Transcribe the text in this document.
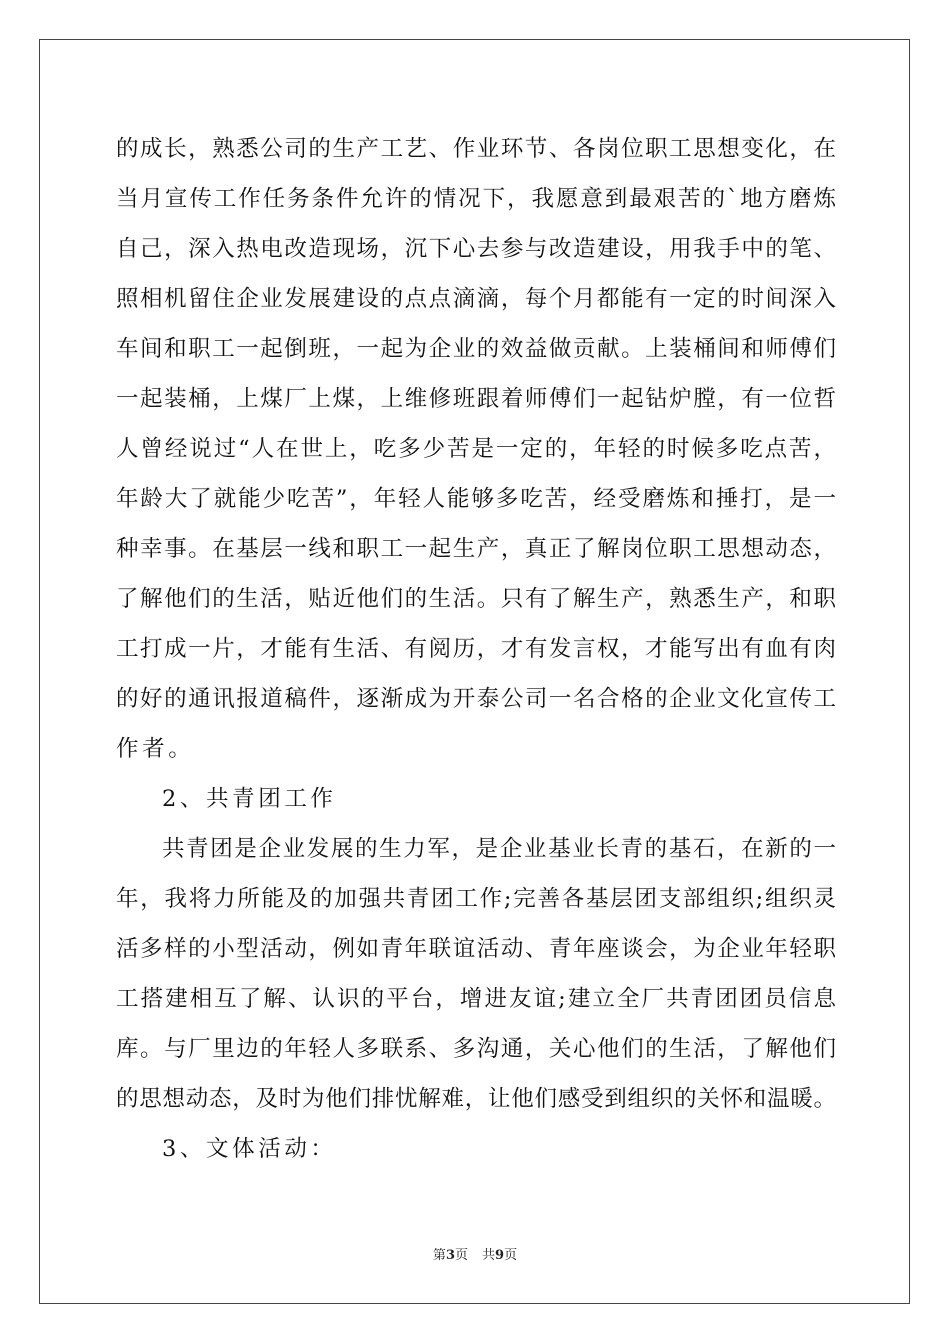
的成长，熟悉公司的生产工艺、作业环节、各岗位职工思想变化，在
当月宣传工作任务条件允许的情况下，我愿意到最艰苦的`地方磨炼
自己，深入热电改造现场，沉下心去参与改造建设，用我手中的笔、
照相机留住企业发展建设的点点滴滴，每个月都能有一定的时间深入
车间和职工一起倒班，一起为企业的效益做贡献。上装桶间和师傅们
一起装桶，上煤厂上煤，上维修班跟着师傅们一起钻炉膛，有一位哲
人曾经说过“人在世上，吃多少苦是一定的，年轻的时候多吃点苦，
年龄大了就能少吃苦”，年轻人能够多吃苦，经受磨炼和捶打，是一
种幸事。在基层一线和职工一起生产，真正了解岗位职工思想动态，
了解他们的生活，贴近他们的生活。只有了解生产，熟悉生产，和职
工打成一片，才能有生活、有阅历，才有发言权，才能写出有血有肉
的好的通讯报道稿件，逐渐成为开泰公司一名合格的企业文化宣传工
作者。
2、共青团工作
共青团是企业发展的生力军，是企业基业长青的基石，在新的一
年，我将力所能及的加强共青团工作;完善各基层团支部组织;组织灵
活多样的小型活动，例如青年联谊活动、青年座谈会，为企业年轻职
工搭建相互了解、认识的平台，增进友谊;建立全厂共青团团员信息
库。与厂里边的年轻人多联系、多沟通，关心他们的生活，了解他们
的思想动态，及时为他们排忧解难，让他们感受到组织的关怀和温暖。
3、文体活动：
第3页 共9页
